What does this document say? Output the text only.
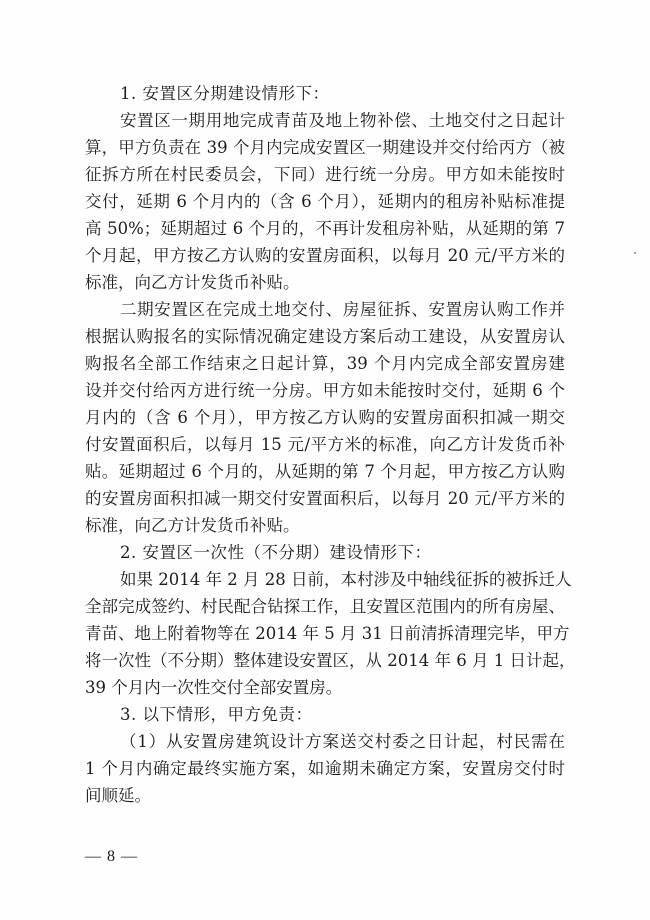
1. 安置区分期建设情形下：
安置区一期用地完成青苗及地上物补偿、土地交付之日起计
算，甲方负责在 39 个月内完成安置区一期建设并交付给丙方（被
征拆方所在村民委员会，下同）进行统一分房。甲方如未能按时
交付，延期 6 个月内的（含 6 个月），延期内的租房补贴标准提
高 50%；延期超过 6 个月的，不再计发租房补贴，从延期的第 7
个月起，甲方按乙方认购的安置房面积，以每月 20 元/平方米的
标准，向乙方计发货币补贴。
二期安置区在完成土地交付、房屋征拆、安置房认购工作并
根据认购报名的实际情况确定建设方案后动工建设，从安置房认
购报名全部工作结束之日起计算，39 个月内完成全部安置房建
设并交付给丙方进行统一分房。甲方如未能按时交付，延期 6 个
月内的（含 6 个月），甲方按乙方认购的安置房面积扣减一期交
付安置面积后，以每月 15 元/平方米的标准，向乙方计发货币补
贴。延期超过 6 个月的，从延期的第 7 个月起，甲方按乙方认购
的安置房面积扣减一期交付安置面积后，以每月 20 元/平方米的
标准，向乙方计发货币补贴。
2. 安置区一次性（不分期）建设情形下：
如果 2014 年 2 月 28 日前，本村涉及中轴线征拆的被拆迁人
全部完成签约、村民配合钻探工作，且安置区范围内的所有房屋、
青苗、地上附着物等在 2014 年 5 月 31 日前清拆清理完毕，甲方
将一次性（不分期）整体建设安置区，从 2014 年 6 月 1 日计起，
39 个月内一次性交付全部安置房。
3. 以下情形，甲方免责：
（1）从安置房建筑设计方案送交村委之日计起，村民需在
1 个月内确定最终实施方案，如逾期未确定方案，安置房交付时
间顺延。
— 8 —
